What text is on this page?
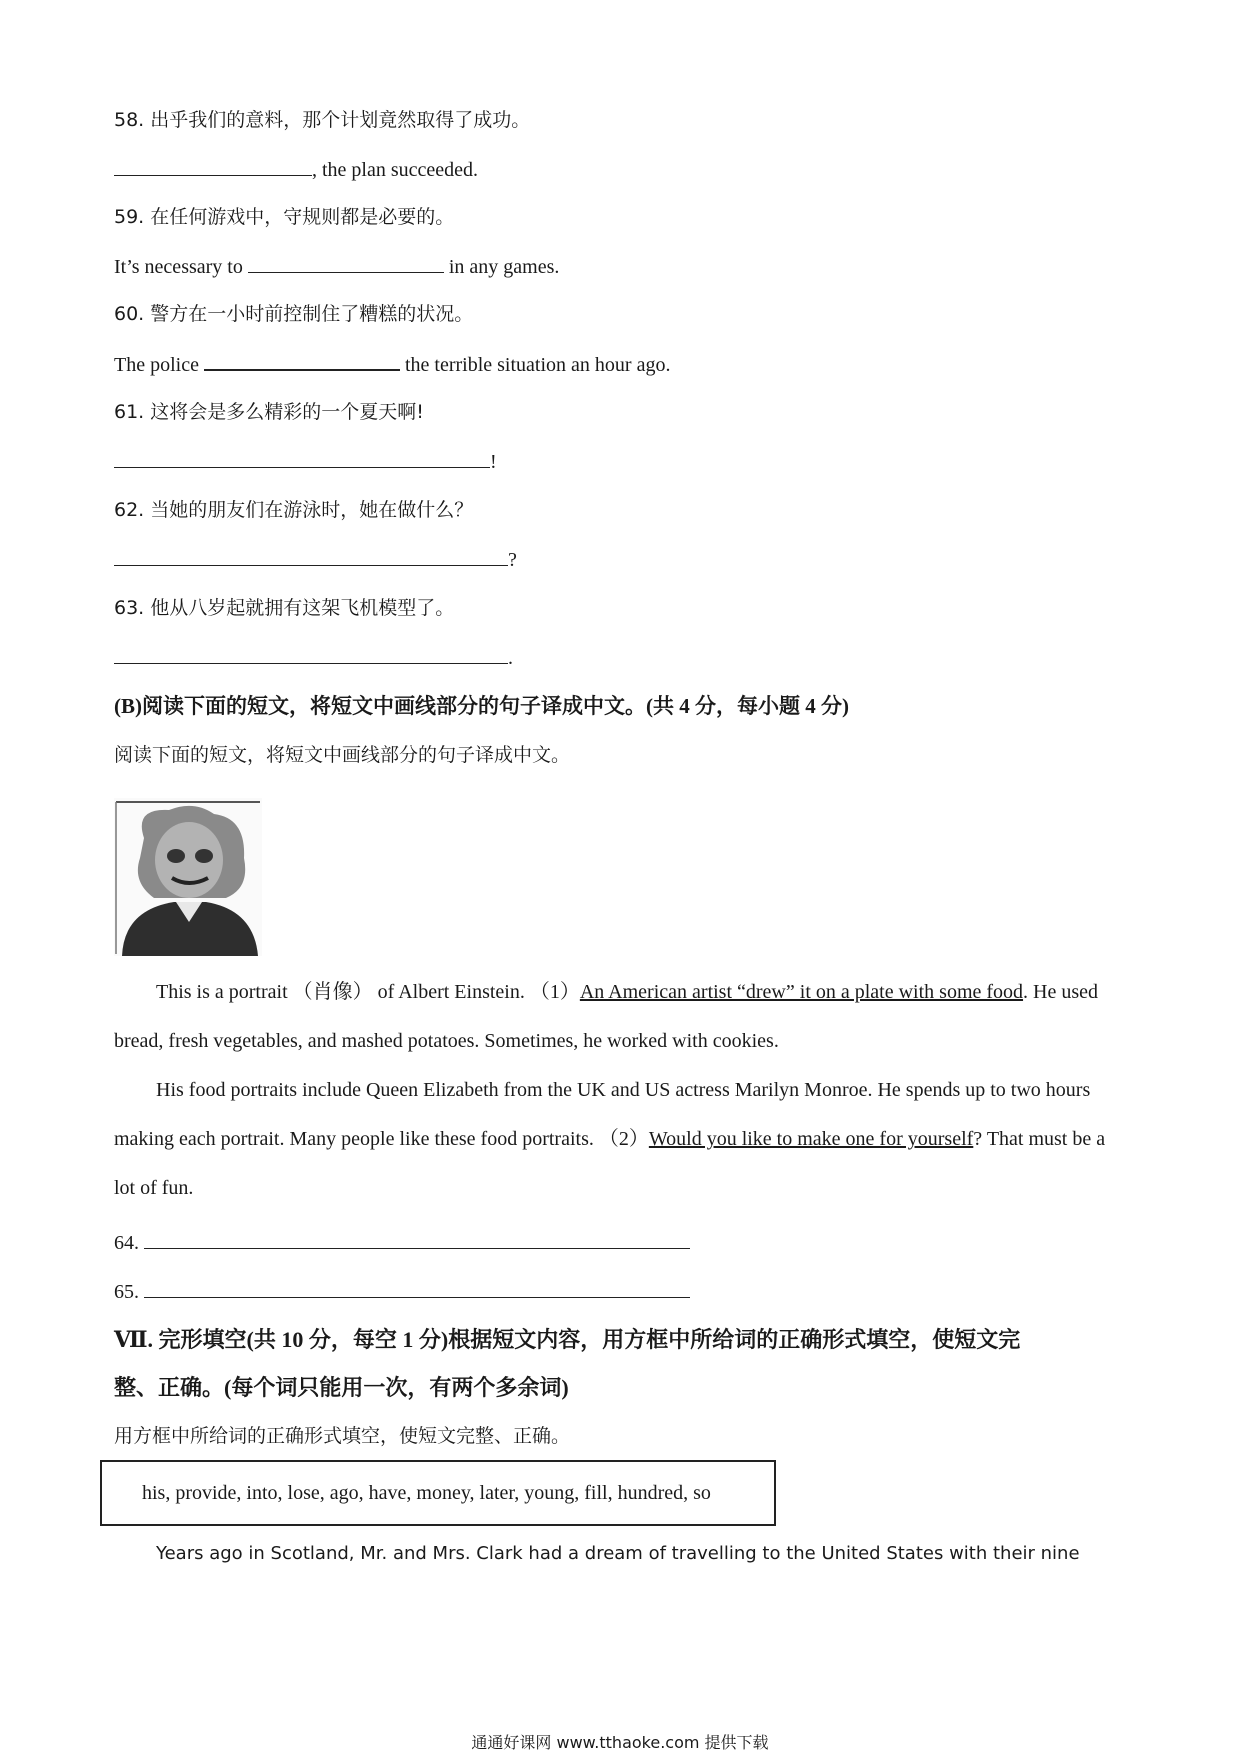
58. 出乎我们的意料，那个计划竟然取得了成功。
, the plan succeeded.
59. 在任何游戏中，守规则都是必要的。
It’s necessary to	in any games.
60. 警方在一小时前控制住了糟糕的状况。
The police	the terrible situation an hour ago.
61. 这将会是多么精彩的一个夏天啊!
!
62. 当她的朋友们在游泳时，她在做什么？
?
63. 他从八岁起就拥有这架飞机模型了。
.
(B)阅读下面的短文，将短文中画线部分的句子译成中文。(共 4 分，每小题 4 分)
阅读下面的短文，将短文中画线部分的句子译成中文。
This is a portrait （肖像） of Albert Einstein. （1）An American artist “drew” it on a plate with some food. He used bread, fresh vegetables, and mashed potatoes. Sometimes, he worked with cookies.
His food portraits include Queen Elizabeth from the UK and US actress Marilyn Monroe. He spends up to two hours making each portrait. Many people like these food portraits. （2）Would you like to make one for yourself? That must be a lot of fun.
64.
65.
Ⅶ. 完形填空(共 10 分，每空 1 分)根据短文内容，用方框中所给词的正确形式填空，使短文完
整、正确。(每个词只能用一次，有两个多余词)
用方框中所给词的正确形式填空，使短文完整、正确。
his, provide, into, lose, ago, have, money, later, young, fill, hundred, so
Years ago in Scotland, Mr. and Mrs. Clark had a dream of travelling to the United States with their nine
通通好课网 www.tthaoke.com 提供下载
